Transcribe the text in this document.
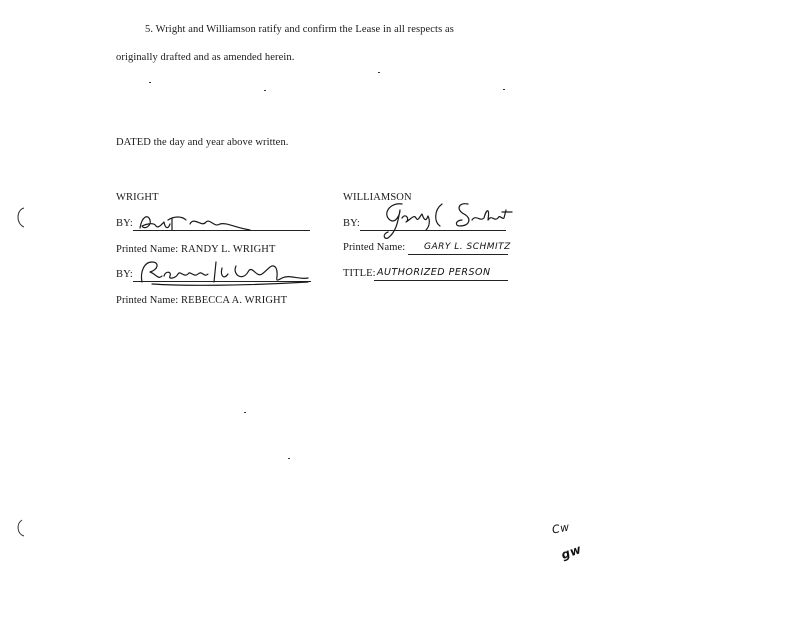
5. Wright and Williamson ratify and confirm the Lease in all respects as
originally drafted and as amended herein.
DATED the day and year above written.
WRIGHT
BY:
Printed Name: RANDY L. WRIGHT
BY:
Printed Name: REBECCA A. WRIGHT
WILLIAMSON
BY:
Printed Name: GARY L. SCHMITZ
TITLE: AUTHORIZED PERSON
Cw
gw
